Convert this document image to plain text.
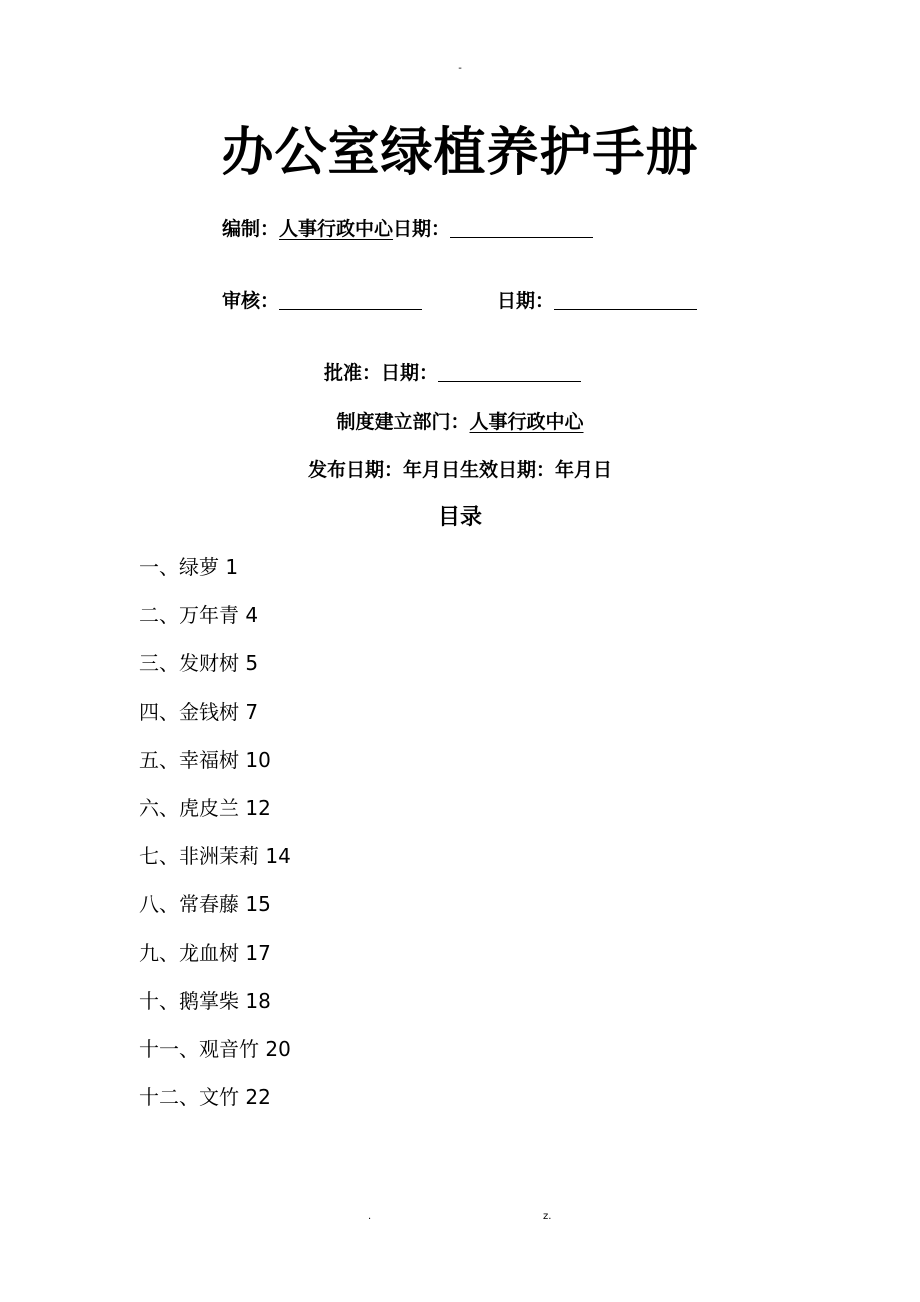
-
办公室绿植养护手册
编制：人事行政中心日期：
审核：	日期：
批准：日期：
制度建立部门：人事行政中心
发布日期：年月日生效日期：年月日
目录
一、绿萝 1
二、万年青 4
三、发财树 5
四、金钱树 7
五、幸福树 10
六、虎皮兰 12
七、非洲茉莉 14
八、常春藤 15
九、龙血树 17
十、鹅掌柴 18
十一、观音竹 20
十二、文竹 22
.	z.
